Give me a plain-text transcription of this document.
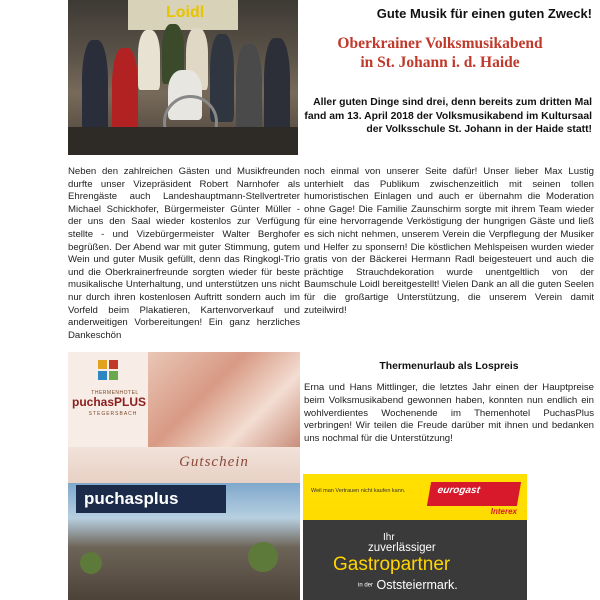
Loidl	Gute Musik für einen guten Zweck!
Oberkrainer Volksmusikabend
in St. Johann i. d. Haide
Aller guten Dinge sind drei, denn bereits zum dritten Mal fand am 13. April 2018 der Volksmusikabend im Kultursaal der Volksschule St. Johann in der Haide statt!
Neben den zahlreichen Gästen und Musikfreunden durfte unser Vizepräsident Robert Narnhofer als Ehrengäste auch Landeshauptmann-Stellvertreter Michael Schickhofer, Bürgermeister Günter Müller - der uns den Saal wieder kostenlos zur Verfügung stellte - und Vizebürgermeister Walter Berghofer begrüßen. Der Abend war mit guter Stimmung, gutem Wein und guter Musik gefüllt, denn das Ringkogl-Trio und die Oberkrainerfreunde sorgten wieder für beste musikalische Unterhaltung, und unterstützen uns nicht nur durch ihren kostenlosen Auftritt sondern auch im Vorfeld beim Plakatieren, Kartenvorverkauf und anderweitigen Vorbereitungen! Ein ganz herzliches Dankeschön
noch einmal von unserer Seite dafür! Unser lieber Max Lustig unterhielt das Publikum zwischenzeitlich mit seinen tollen humoristischen Einlagen und auch er übernahm die Moderation ohne Gage! Die Familie Zaunschirm sorgte mit ihrem Team wieder für eine hervorragende Verköstigung der hungrigen Gäste und ließ es sich nicht nehmen, unserem Verein die Verpflegung der Musiker und Helfer zu sponsern! Die köstlichen Mehlspeisen wurden wieder gratis von der Bäckerei Hermann Radl beigesteuert und auch die prächtige Strauchdekoration wurde unentgeltlich von der Baumschule Loidl bereitgestellt! Vielen Dank an all die guten Seelen für die großartige Unterstützung, die unserem Verein damit zuteilwird!
Thermenurlaub als Lospreis
Erna und Hans Mittlinger, die letztes Jahr einen der Hauptpreise beim Volksmusikabend gewonnen haben, konnten nun endlich ein wohlverdientes Wochenende im Themenhotel PuchasPlus verbringen! Wir teilen die Freude darüber mit ihnen und bedanken uns nochmal für die Unterstützung!
THERMENHOTEL
puchasPLUS
STEGERSBACH
Gutschein
puchasplus	Weil man Vertrauen nicht kaufen kann.	eurogast
Interex
Ihr
zuverlässiger
Gastropartner
in der Oststeiermark.
